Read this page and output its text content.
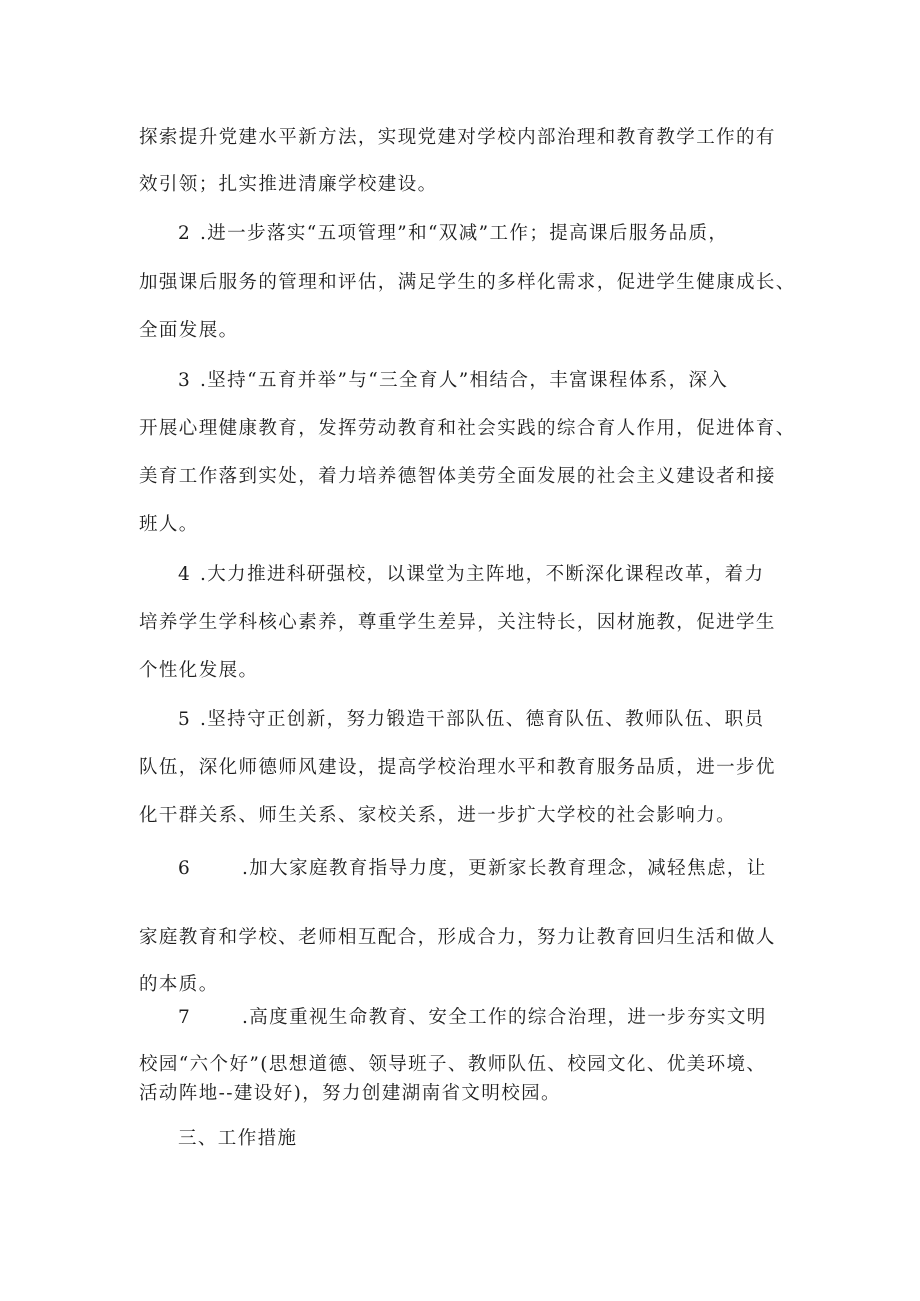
探索提升党建水平新方法，实现党建对学校内部治理和教育教学工作的有

效引领；扎实推进清廉学校建设。

2 .进一步落实“五项管理”和“双减”工作；提高课后服务品质，

加强课后服务的管理和评估，满足学生的多样化需求，促进学生健康成长、

全面发展。

3 .坚持“五育并举”与“三全育人”相结合，丰富课程体系，深入

开展心理健康教育，发挥劳动教育和社会实践的综合育人作用，促进体育、

美育工作落到实处，着力培养德智体美劳全面发展的社会主义建设者和接

班人。

4 .大力推进科研强校，以课堂为主阵地，不断深化课程改革，着力

培养学生学科核心素养，尊重学生差异，关注特长，因材施教，促进学生

个性化发展。

5 .坚持守正创新，努力锻造干部队伍、德育队伍、教师队伍、职员

队伍，深化师德师风建设，提高学校治理水平和教育服务品质，进一步优

化干群关系、师生关系、家校关系，进一步扩大学校的社会影响力。

6	.加大家庭教育指导力度，更新家长教育理念，减轻焦虑，让

家庭教育和学校、老师相互配合，形成合力，努力让教育回归生活和做人

的本质。

7	.高度重视生命教育、安全工作的综合治理，进一步夯实文明

校园“六个好”(思想道德、领导班子、教师队伍、校园文化、优美环境、

活动阵地--建设好)，努力创建湖南省文明校园。

三、工作措施
